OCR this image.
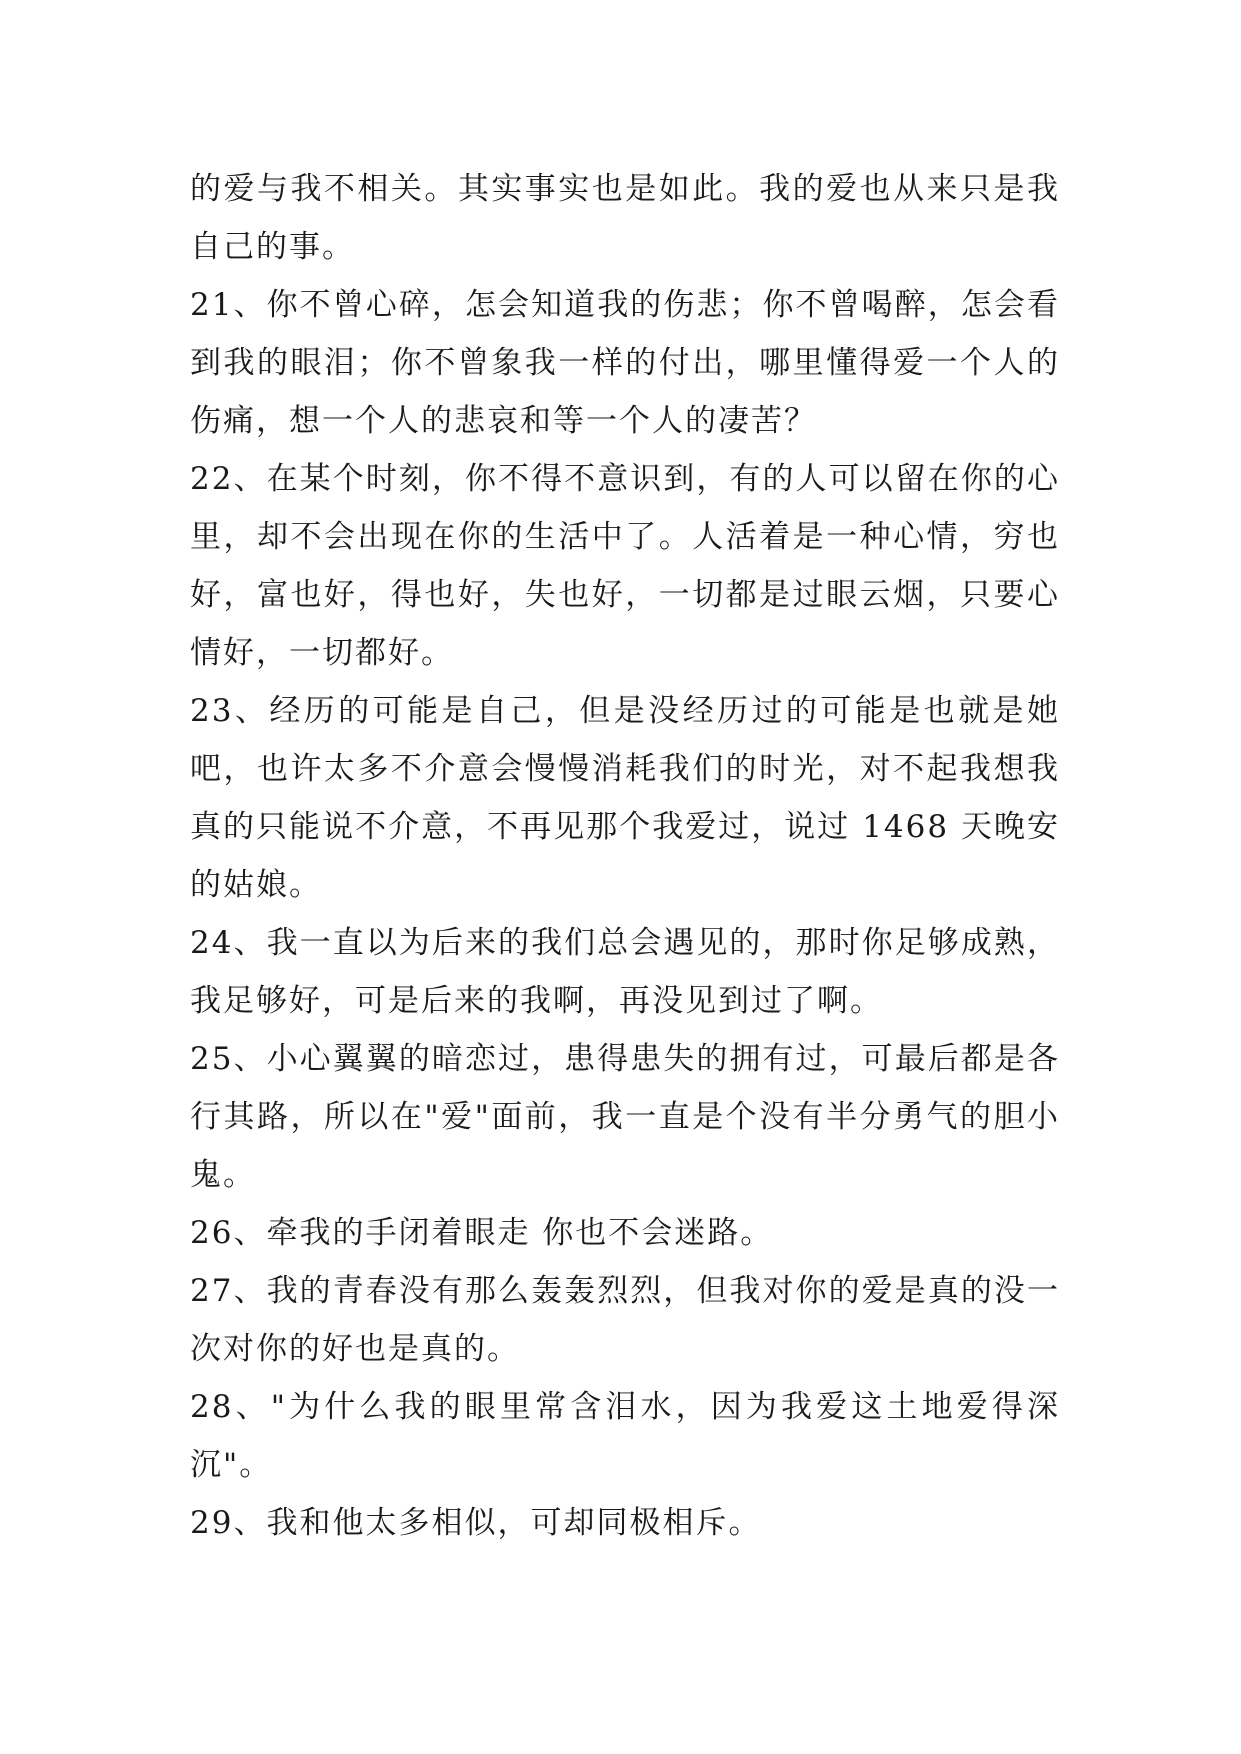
的爱与我不相关。其实事实也是如此。我的爱也从来只是我自己的事。

21、你不曾心碎，怎会知道我的伤悲；你不曾喝醉，怎会看到我的眼泪；你不曾象我一样的付出，哪里懂得爱一个人的伤痛，想一个人的悲哀和等一个人的凄苦？

22、在某个时刻，你不得不意识到，有的人可以留在你的心里，却不会出现在你的生活中了。人活着是一种心情，穷也好，富也好，得也好，失也好，一切都是过眼云烟，只要心情好，一切都好。

23、经历的可能是自己，但是没经历过的可能是也就是她吧，也许太多不介意会慢慢消耗我们的时光，对不起我想我真的只能说不介意，不再见那个我爱过，说过 1468 天晚安的姑娘。

24、我一直以为后来的我们总会遇见的，那时你足够成熟，我足够好，可是后来的我啊，再没见到过了啊。

25、小心翼翼的暗恋过，患得患失的拥有过，可最后都是各行其路，所以在"爱"面前，我一直是个没有半分勇气的胆小鬼。

26、牵我的手闭着眼走 你也不会迷路。

27、我的青春没有那么轰轰烈烈，但我对你的爱是真的没一次对你的好也是真的。

28、"为什么我的眼里常含泪水，因为我爱这土地爱得深沉"。

29、我和他太多相似，可却同极相斥。
